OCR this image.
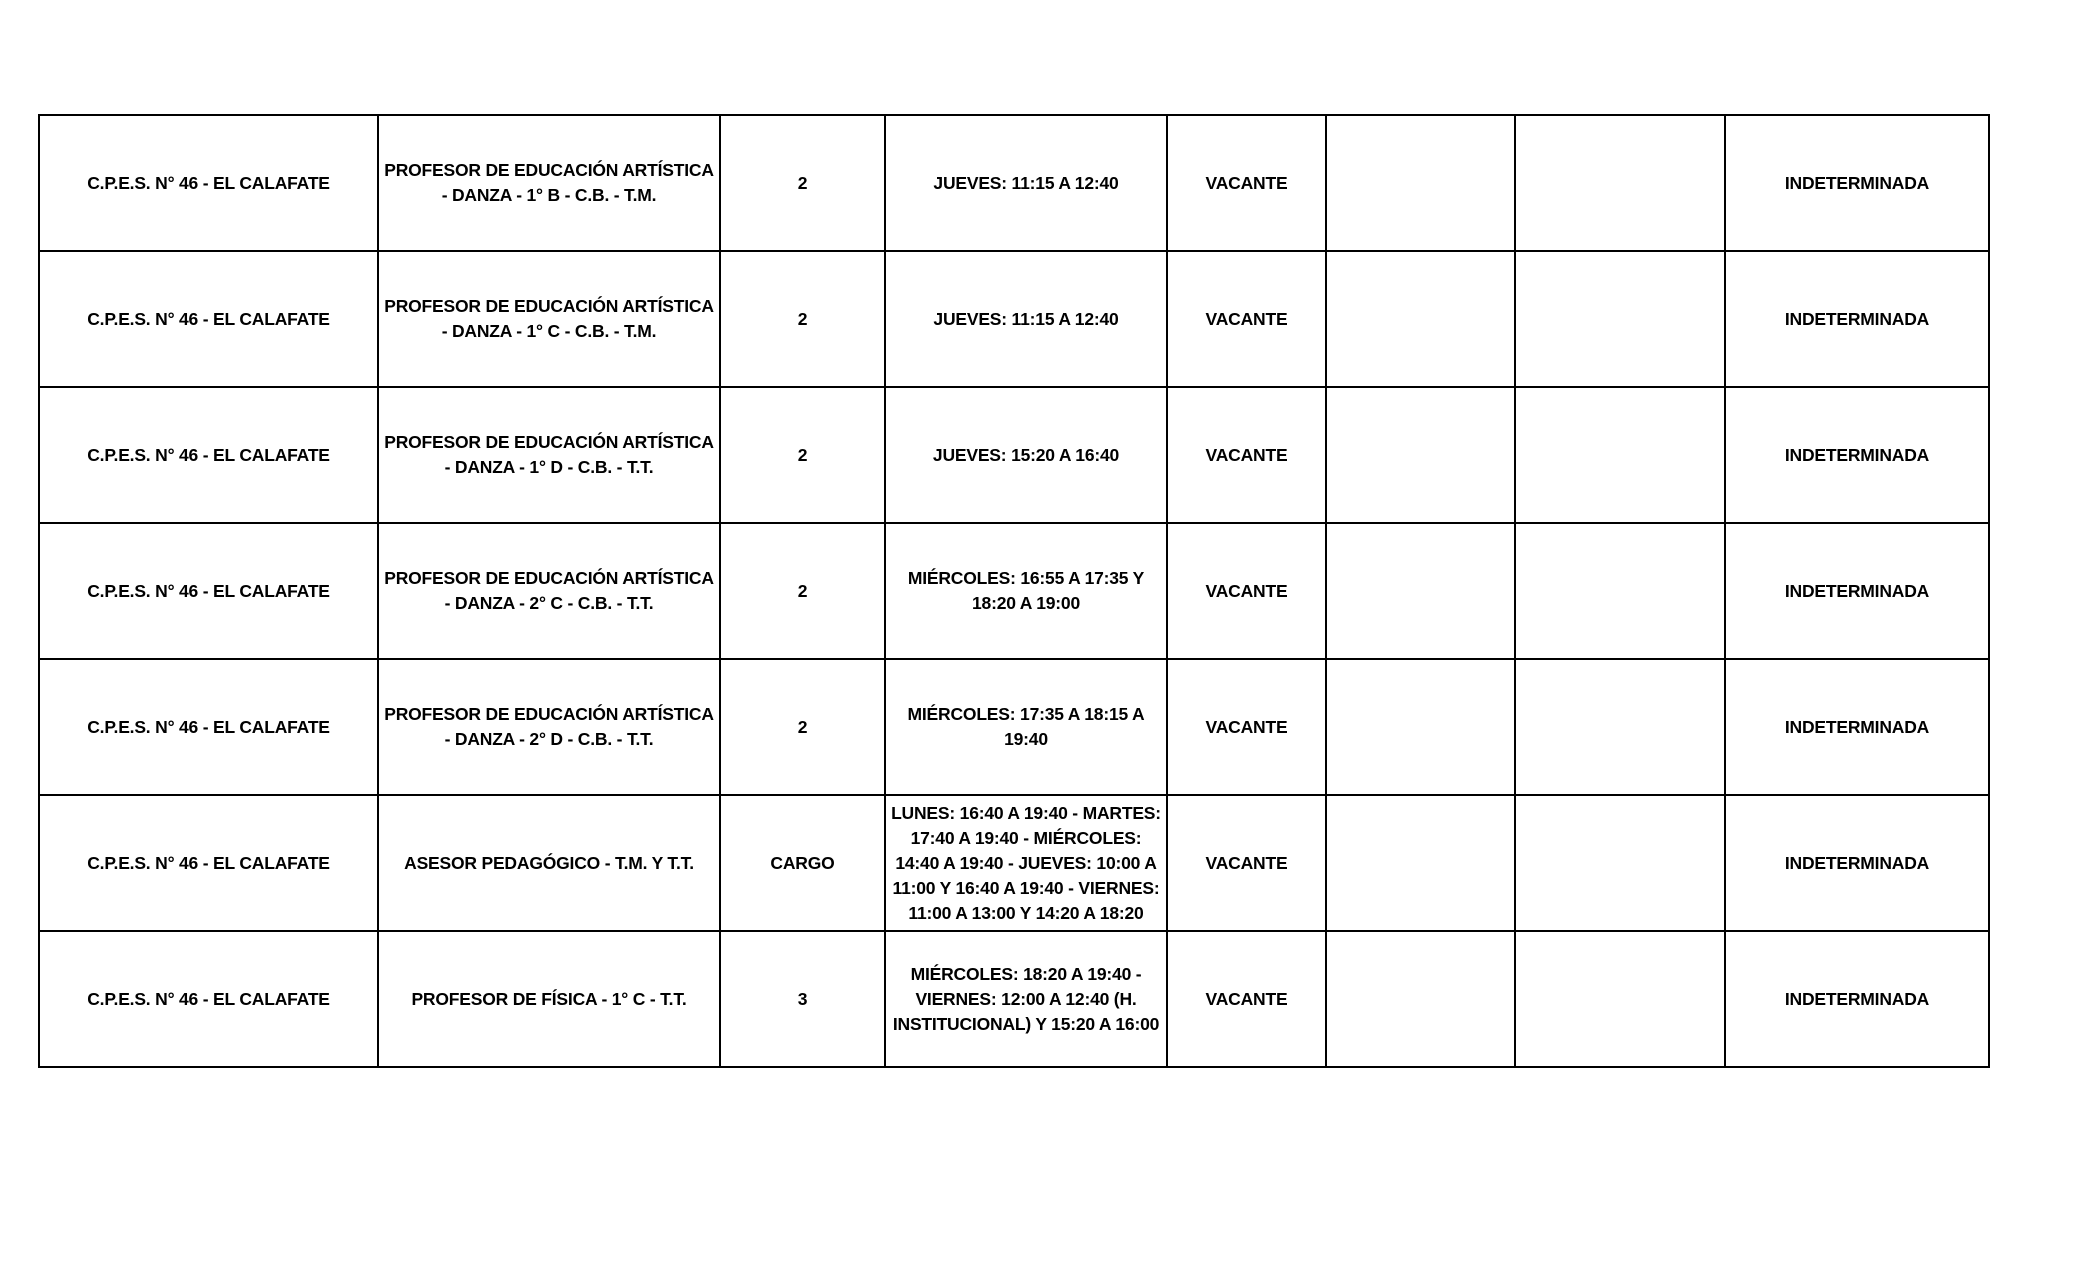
C.P.E.S. N° 46 - EL CALAFATE	PROFESOR DE EDUCACIÓN ARTÍSTICA - DANZA - 1° B - C.B. - T.M.	2	JUEVES: 11:15 A 12:40	VACANTE			INDETERMINADA
C.P.E.S. N° 46 - EL CALAFATE	PROFESOR DE EDUCACIÓN ARTÍSTICA - DANZA - 1° C - C.B. - T.M.	2	JUEVES: 11:15 A 12:40	VACANTE			INDETERMINADA
C.P.E.S. N° 46 - EL CALAFATE	PROFESOR DE EDUCACIÓN ARTÍSTICA - DANZA - 1° D - C.B. - T.T.	2	JUEVES: 15:20 A 16:40	VACANTE			INDETERMINADA
C.P.E.S. N° 46 - EL CALAFATE	PROFESOR DE EDUCACIÓN ARTÍSTICA - DANZA - 2° C - C.B. - T.T.	2	MIÉRCOLES: 16:55 A 17:35 Y 18:20 A 19:00	VACANTE			INDETERMINADA
C.P.E.S. N° 46 - EL CALAFATE	PROFESOR DE EDUCACIÓN ARTÍSTICA - DANZA - 2° D - C.B. - T.T.	2	MIÉRCOLES: 17:35 A 18:15 A 19:40	VACANTE			INDETERMINADA
C.P.E.S. N° 46 - EL CALAFATE	ASESOR PEDAGÓGICO - T.M. Y T.T.	CARGO	LUNES: 16:40 A 19:40 - MARTES: 17:40 A 19:40 - MIÉRCOLES: 14:40 A 19:40 - JUEVES: 10:00 A 11:00 Y 16:40 A 19:40 - VIERNES: 11:00 A 13:00 Y 14:20 A 18:20	VACANTE			INDETERMINADA
C.P.E.S. N° 46 - EL CALAFATE	PROFESOR DE FÍSICA - 1° C - T.T.	3	MIÉRCOLES: 18:20 A 19:40 - VIERNES: 12:00 A 12:40 (H. INSTITUCIONAL) Y 15:20 A 16:00	VACANTE			INDETERMINADA
